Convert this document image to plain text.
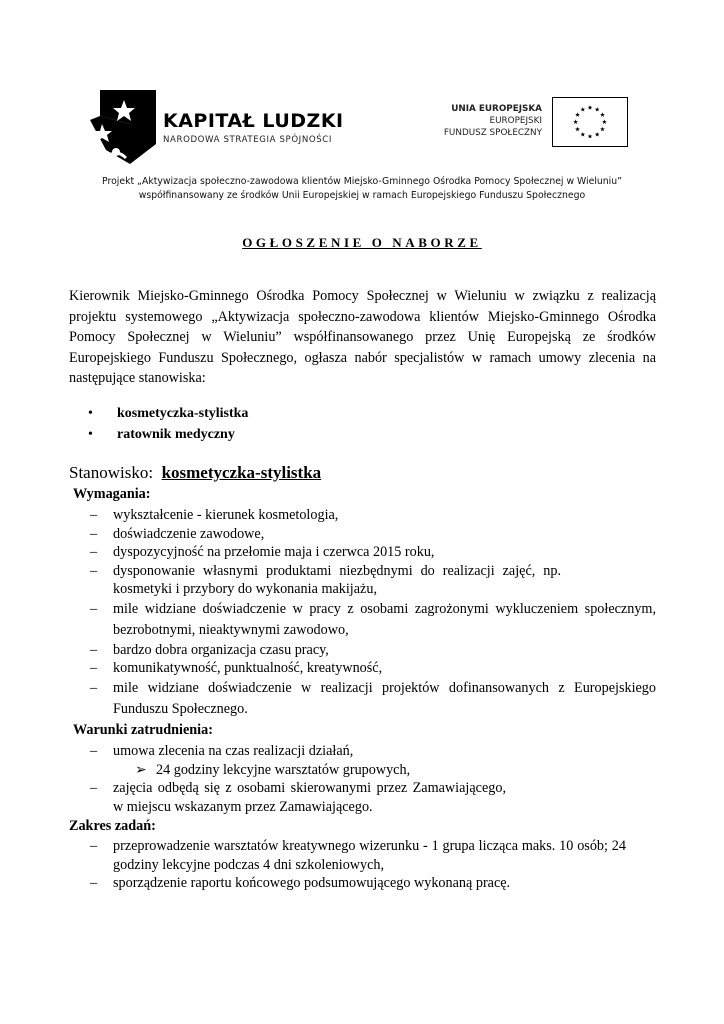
KAPITAŁ LUDZKI
NARODOWA STRATEGIA SPÓJNOŚCI
UNIA EUROPEJSKA
EUROPEJSKI
FUNDUSZ SPOŁECZNY
Projekt „Aktywizacja społeczno-zawodowa klientów Miejsko-Gminnego Ośrodka Pomocy Społecznej w Wieluniu”
współfinansowany ze środków Unii Europejskiej w ramach Europejskiego Funduszu Społecznego
OGŁOSZENIE O NABORZE
Kierownik Miejsko-Gminnego Ośrodka Pomocy Społecznej w Wieluniu w związku z realizacją projektu systemowego „Aktywizacja społeczno-zawodowa klientów Miejsko-Gminnego Ośrodka Pomocy Społecznej w Wieluniu” współfinansowanego przez Unię Europejską ze środków Europejskiego Funduszu Społecznego, ogłasza nabór specjalistów w ramach umowy zlecenia na następujące stanowiska:
• kosmetyczka-stylistka
• ratownik medyczny
Stanowisko: kosmetyczka-stylistka
Wymagania:
– wykształcenie - kierunek kosmetologia,
– doświadczenie zawodowe,
– dyspozycyjność na przełomie maja i czerwca 2015 roku,
– dysponowanie własnymi produktami niezbędnymi do realizacji zajęć, np. kosmetyki i przybory do wykonania makijażu,
– mile widziane doświadczenie w pracy z osobami zagrożonymi wykluczeniem społecznym, bezrobotnymi, nieaktywnymi zawodowo,
– bardzo dobra organizacja czasu pracy,
– komunikatywność, punktualność, kreatywność,
– mile widziane doświadczenie w realizacji projektów dofinansowanych z Europejskiego Funduszu Społecznego.
Warunki zatrudnienia:
– umowa zlecenia na czas realizacji działań,
➢ 24 godziny lekcyjne warsztatów grupowych,
– zajęcia odbędą się z osobami skierowanymi przez Zamawiającego, w miejscu wskazanym przez Zamawiającego.
Zakres zadań:
– przeprowadzenie warsztatów kreatywnego wizerunku - 1 grupa licząca maks. 10 osób; 24 godziny lekcyjne podczas 4 dni szkoleniowych,
– sporządzenie raportu końcowego podsumowującego wykonaną pracę.
